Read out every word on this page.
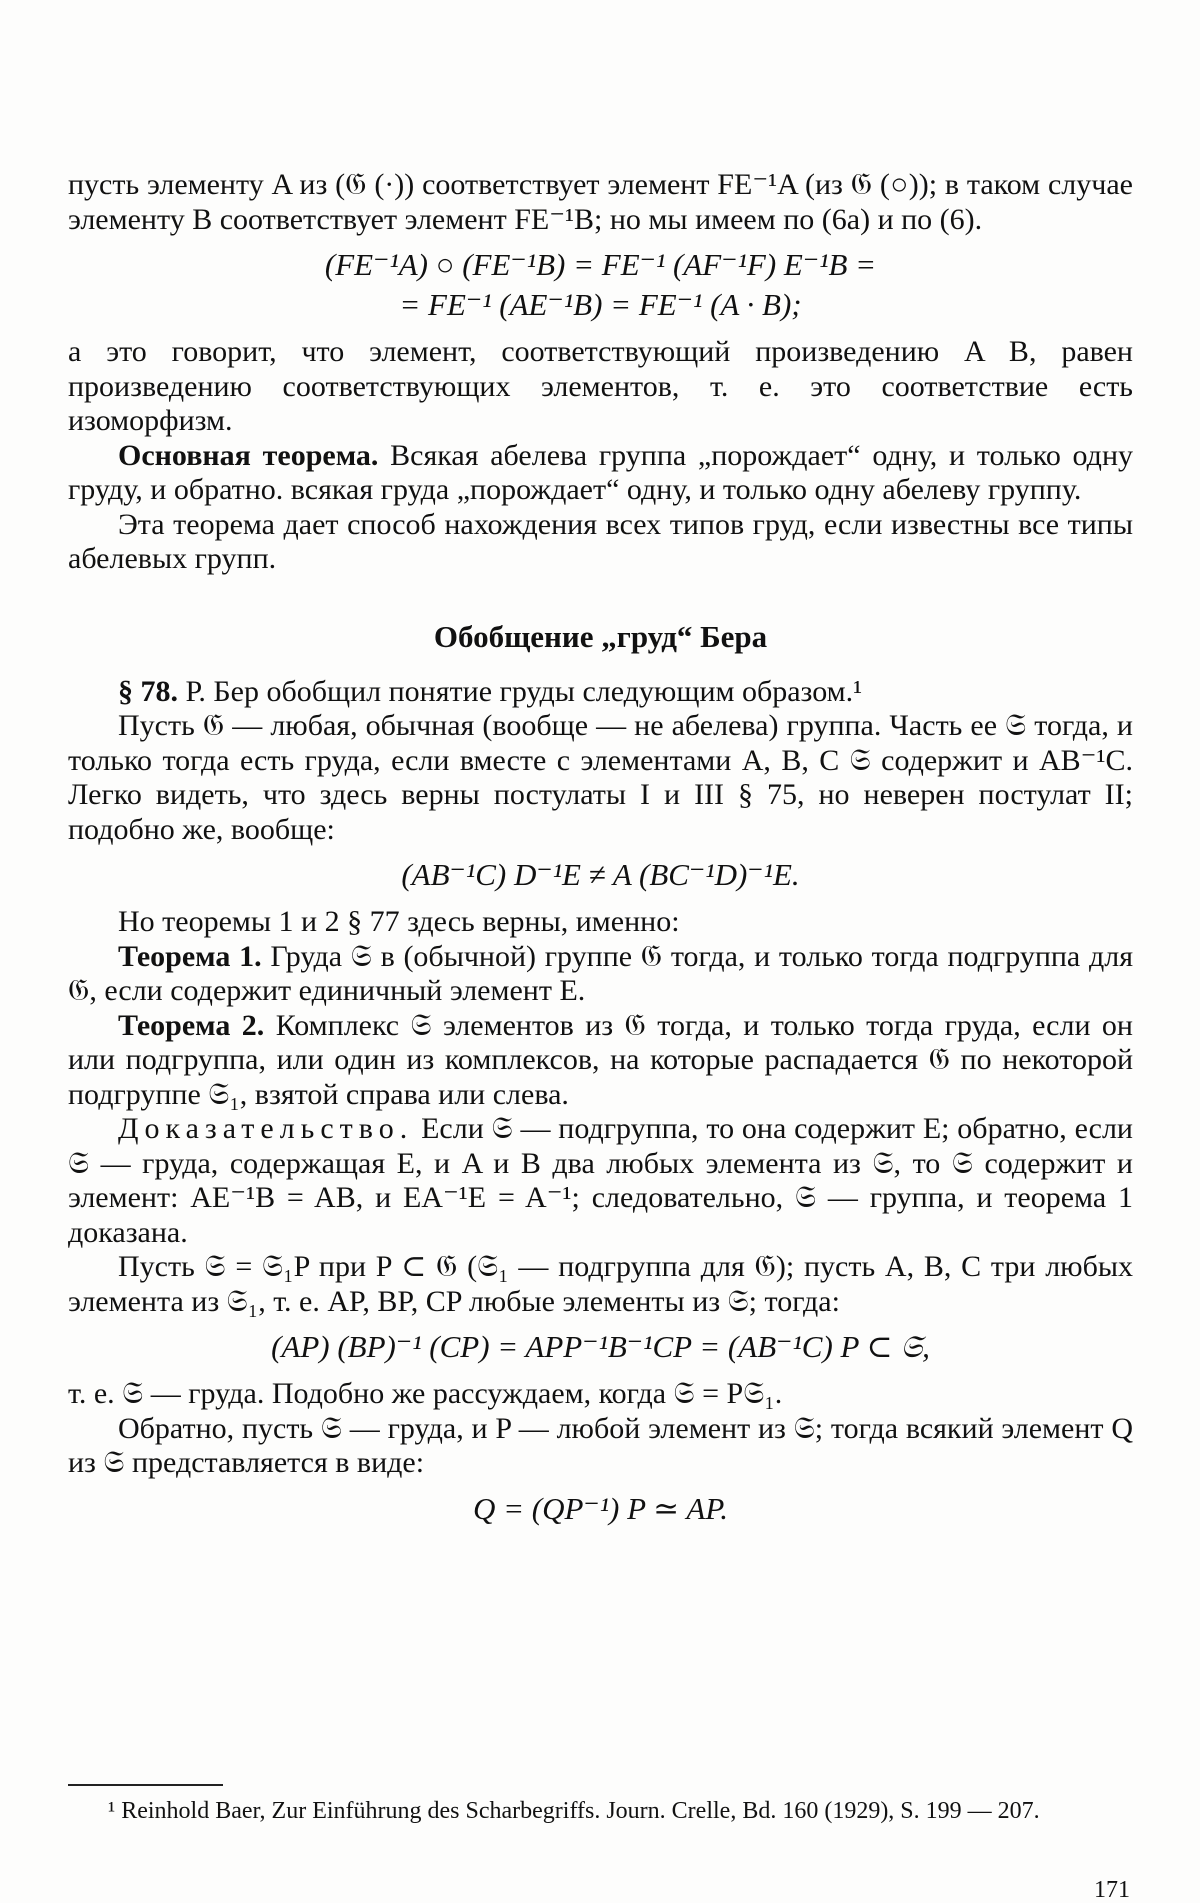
пусть элементу A из (𝔊 (·)) соответствует элемент FE⁻¹A (из 𝔊 (○)); в таком случае элементу B соответствует элемент FE⁻¹B; но мы имеем по (6а) и по (6).

(FE⁻¹A) ○ (FE⁻¹B) = FE⁻¹ (AF⁻¹F) E⁻¹B =

= FE⁻¹ (AE⁻¹B) = FE⁻¹ (A · B);

а это говорит, что элемент, соответствующий произведению A B, равен произведению соответствующих элементов, т. е. это соответствие есть изоморфизм.

Основная теорема. Всякая абелева группа „порождает“ одну, и только одну груду, и обратно. всякая груда „порождает“ одну, и только одну абелеву группу.

Эта теорема дает способ нахождения всех типов груд, если известны все типы абелевых групп.

Обобщение „груд“ Бера

§ 78. Р. Бер обобщил понятие груды следующим образом.¹

Пусть 𝔊 — любая, обычная (вообще — не абелева) группа. Часть ее 𝔖 тогда, и только тогда есть груда, если вместе с элементами A, B, C 𝔖 содержит и AB⁻¹C. Легко видеть, что здесь верны постулаты I и III § 75, но неверен постулат II; подобно же, вообще:

(AB⁻¹C) D⁻¹E ≠ A (BC⁻¹D)⁻¹E.

Но теоремы 1 и 2 § 77 здесь верны, именно:

Теорема 1. Груда 𝔖 в (обычной) группе 𝔊 тогда, и только тогда подгруппа для 𝔊, если содержит единичный элемент E.

Теорема 2. Комплекс 𝔖 элементов из 𝔊 тогда, и только тогда груда, если он или подгруппа, или один из комплексов, на которые распадается 𝔊 по некоторой подгруппе 𝔖₁, взятой справа или слева.

Доказательство. Если 𝔖 — подгруппа, то она содержит E; обратно, если 𝔖 — груда, содержащая E, и A и B два любых элемента из 𝔖, то 𝔖 содержит и элемент: AE⁻¹B = AB, и EA⁻¹E = A⁻¹; следовательно, 𝔖 — группа, и теорема 1 доказана.

Пусть 𝔖 = 𝔖₁P при P ⊂ 𝔊 (𝔖₁ — подгруппа для 𝔊); пусть A, B, C три любых элемента из 𝔖₁, т. е. AP, BP, CP любые элементы из 𝔖; тогда:

(AP) (BP)⁻¹ (CP) = APP⁻¹B⁻¹CP = (AB⁻¹C) P ⊂ 𝔖,

т. е. 𝔖 — груда. Подобно же рассуждаем, когда 𝔖 = P𝔖₁.

Обратно, пусть 𝔖 — груда, и P — любой элемент из 𝔖; тогда всякий элемент Q из 𝔖 представляется в виде:

Q = (QP⁻¹) P ≃ AP.

¹ Reinhold Baer, Zur Einführung des Scharbegriffs. Journ. Crelle, Bd. 160 (1929), S. 199 — 207.

171
